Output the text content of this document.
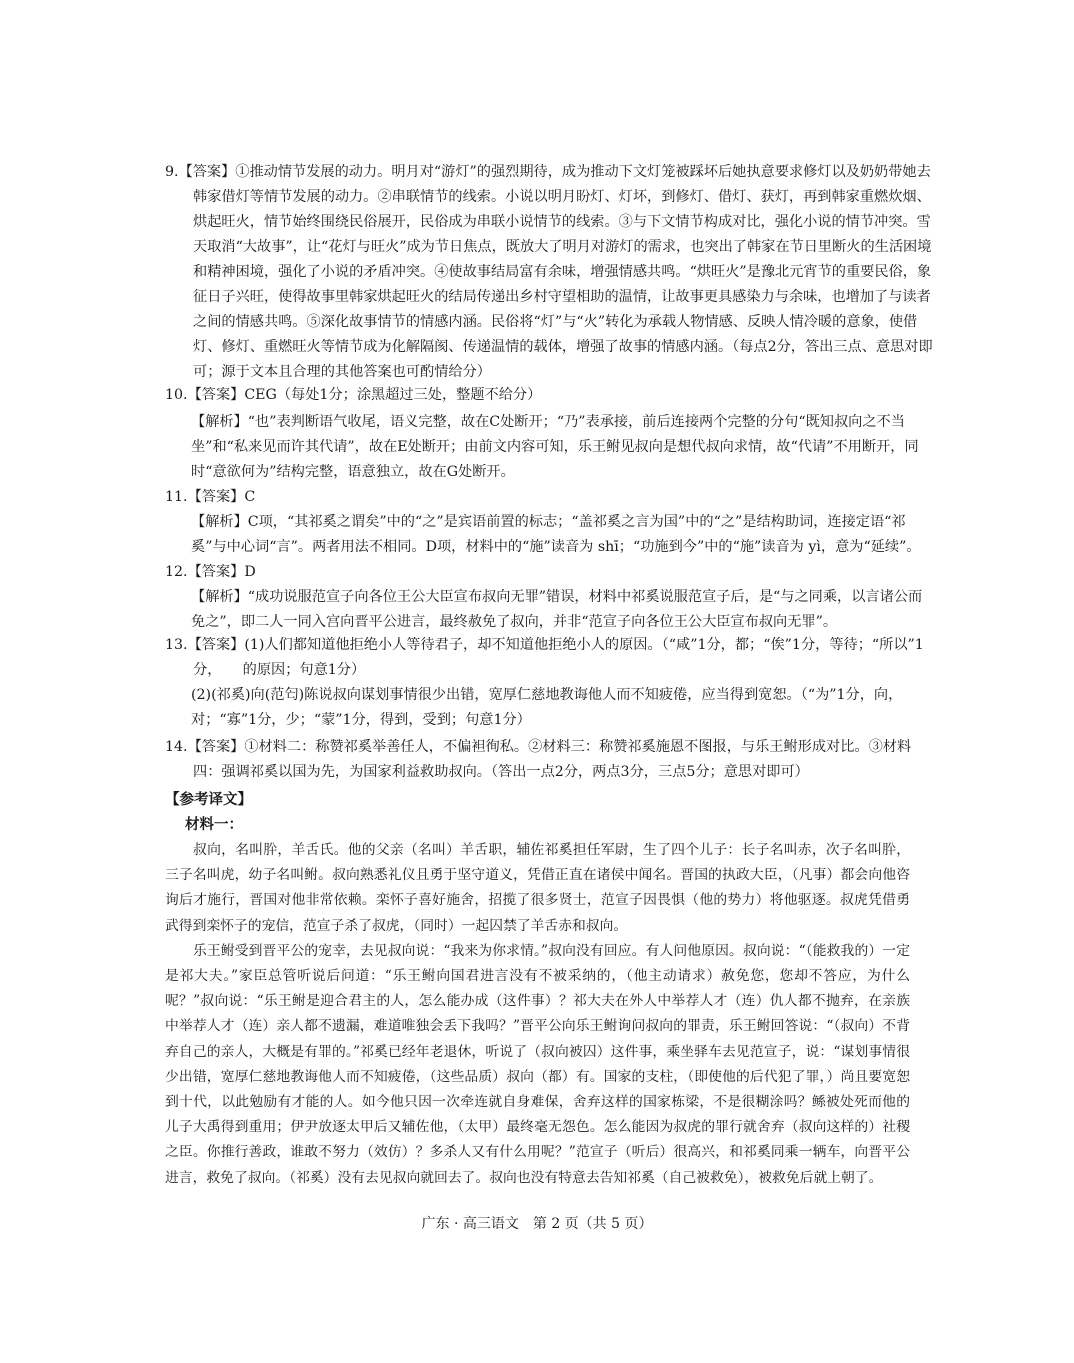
9.【答案】①推动情节发展的动力。明月对“游灯”的强烈期待，成为推动下文灯笼被踩坏后她执意要求修灯以及奶奶带她去韩家借灯等情节发展的动力。②串联情节的线索。小说以明月盼灯、灯坏，到修灯、借灯、获灯，再到韩家重燃炊烟、烘起旺火，情节始终围绕民俗展开，民俗成为串联小说情节的线索。③与下文情节构成对比，强化小说的情节冲突。雪天取消“大故事”，让“花灯与旺火”成为节日焦点，既放大了明月对游灯的需求，也突出了韩家在节日里断火的生活困境和精神困境，强化了小说的矛盾冲突。④使故事结局富有余味，增强情感共鸣。“烘旺火”是豫北元宵节的重要民俗，象征日子兴旺，使得故事里韩家烘起旺火的结局传递出乡村守望相助的温情，让故事更具感染力与余味，也增加了与读者之间的情感共鸣。⑤深化故事情节的情感内涵。民俗将“灯”与“火”转化为承载人物情感、反映人情冷暖的意象，使借灯、修灯、重燃旺火等情节成为化解隔阂、传递温情的载体，增强了故事的情感内涵。（每点2分，答出三点、意思对即可；源于文本且合理的其他答案也可酌情给分）
10.【答案】CEG（每处1分；涂黑超过三处，整题不给分）
【解析】“也”表判断语气收尾，语义完整，故在C处断开；“乃”表承接，前后连接两个完整的分句“既知叔向之不当坐”和“私来见而许其代请”，故在E处断开；由前文内容可知，乐王鲋见叔向是想代叔向求情，故“代请”不用断开，同时“意欲何为”结构完整，语意独立，故在G处断开。
11.【答案】C
【解析】C项，“其祁奚之谓矣”中的“之”是宾语前置的标志；“盖祁奚之言为国”中的“之”是结构助词，连接定语“祁奚”与中心词“言”。两者用法不相同。D项，材料中的“施”读音为 shī；“功施到今”中的“施”读音为 yì，意为“延续”。
12.【答案】D
【解析】“成功说服范宣子向各位王公大臣宣布叔向无罪”错误，材料中祁奚说服范宣子后，是“与之同乘，以言诸公而免之”，即二人一同入宫向晋平公进言，最终赦免了叔向，并非“范宣子向各位王公大臣宣布叔向无罪”。
13.【答案】(1)人们都知道他拒绝小人等待君子，却不知道他拒绝小人的原因。（“咸”1分，都；“俟”1分，等待；“所以”1分，　　的原因；句意1分）
(2)(祁奚)向(范匄)陈说叔向谋划事情很少出错，宽厚仁慈地教诲他人而不知疲倦，应当得到宽恕。（“为”1分，向，对；“寡”1分，少；“蒙”1分，得到，受到；句意1分）
14.【答案】①材料二：称赞祁奚举善任人，不偏袒徇私。②材料三：称赞祁奚施恩不图报，与乐王鲋形成对比。③材料四：强调祁奚以国为先，为国家利益救助叔向。（答出一点2分，两点3分，三点5分；意思对即可）
【参考译文】
材料一：

叔向，名叫肸，羊舌氏。他的父亲（名叫）羊舌职，辅佐祁奚担任军尉，生了四个儿子：长子名叫赤，次子名叫肸，三子名叫虎，幼子名叫鲋。叔向熟悉礼仪且勇于坚守道义，凭借正直在诸侯中闻名。晋国的执政大臣，（凡事）都会向他咨询后才施行，晋国对他非常依赖。栾怀子喜好施舍，招揽了很多贤士，范宣子因畏惧（他的势力）将他驱逐。叔虎凭借勇武得到栾怀子的宠信，范宣子杀了叔虎，（同时）一起囚禁了羊舌赤和叔向。

乐王鲋受到晋平公的宠幸，去见叔向说：“我来为你求情。”叔向没有回应。有人问他原因。叔向说：“（能救我的）一定是祁大夫。”家臣总管听说后问道：“乐王鲋向国君进言没有不被采纳的，（他主动请求）赦免您，您却不答应，为什么呢？”叔向说：“乐王鲋是迎合君主的人，怎么能办成（这件事）？祁大夫在外人中举荐人才（连）仇人都不抛弃，在亲族中举荐人才（连）亲人都不遗漏，难道唯独会丢下我吗？”晋平公向乐王鲋询问叔向的罪责，乐王鲋回答说：“（叔向）不背弃自己的亲人，大概是有罪的。”祁奚已经年老退休，听说了（叔向被囚）这件事，乘坐驿车去见范宣子，说：“谋划事情很少出错，宽厚仁慈地教诲他人而不知疲倦，（这些品质）叔向（都）有。国家的支柱，（即使他的后代犯了罪，）尚且要宽恕到十代，以此勉励有才能的人。如今他只因一次牵连就自身难保，舍弃这样的国家栋梁，不是很糊涂吗？鲧被处死而他的儿子大禹得到重用；伊尹放逐太甲后又辅佐他，（太甲）最终毫无怨色。怎么能因为叔虎的罪行就舍弃（叔向这样的）社稷之臣。你推行善政，谁敢不努力（效仿）？多杀人又有什么用呢？”范宣子（听后）很高兴，和祁奚同乘一辆车，向晋平公进言，救免了叔向。（祁奚）没有去见叔向就回去了。叔向也没有特意去告知祁奚（自己被救免），被救免后就上朝了。

广东 · 高三语文　第 2 页（共 5 页）
